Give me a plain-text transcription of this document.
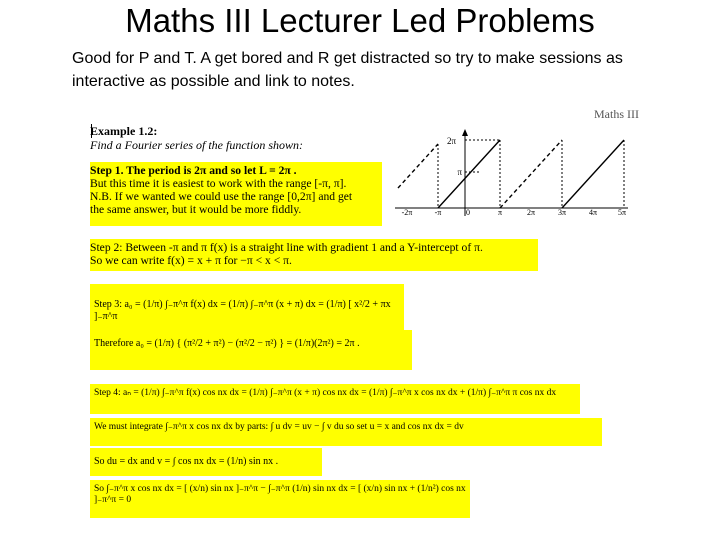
Maths III Lecturer Led Problems
Good for P and T. A get bored and R get distracted so try to make sessions as interactive as possible and link to notes.
Maths III
Example 1.2:
Find a Fourier series of the function shown:	2π
π
-2π	-π	0	π	2π	3π	4π	5π
Step 1. The period is 2π and so let L = 2π .
But this time it is easiest to work with the range [-π, π].
N.B. If we wanted we could use the range [0,2π] and get
the same answer, but it would be more fiddly.
Step 2: Between -π and π f(x) is a straight line with gradient 1 and a Y-intercept of π.
So we can write f(x) = x + π for −π < x < π.
Step 3: a₀ = (1/π) ∫₋π^π f(x) dx = (1/π) ∫₋π^π (x + π) dx = (1/π) [ x²/2 + πx ]₋π^π
Therefore a₀ = (1/π) { (π²/2 + π²) − (π²/2 − π²) } = (1/π)(2π²) = 2π .
Step 4: aₙ = (1/π) ∫₋π^π f(x) cos nx dx = (1/π) ∫₋π^π (x + π) cos nx dx = (1/π) ∫₋π^π x cos nx dx + (1/π) ∫₋π^π π cos nx dx
We must integrate ∫₋π^π x cos nx dx by parts: ∫ u dv = uv − ∫ v du so set u = x and cos nx dx = dv
So du = dx and v = ∫ cos nx dx = (1/n) sin nx .
So ∫₋π^π x cos nx dx = [ (x/n) sin nx ]₋π^π − ∫₋π^π (1/n) sin nx dx = [ (x/n) sin nx + (1/n²) cos nx ]₋π^π = 0
